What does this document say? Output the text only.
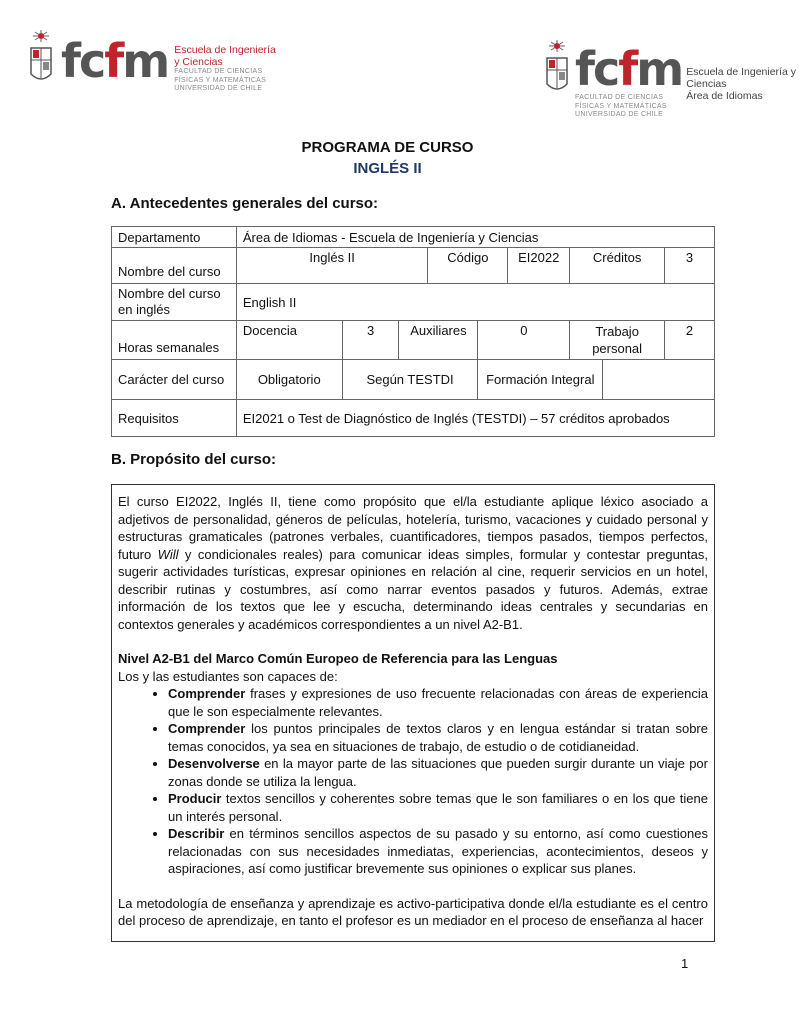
fcfm Escuela de Ingeniería
y Ciencias
FACULTAD DE CIENCIAS
FÍSICAS Y MATEMÁTICAS
UNIVERSIDAD DE CHILE	fcfm
FACULTAD DE CIENCIAS
FÍSICAS Y MATEMÁTICAS
UNIVERSIDAD DE CHILE
Escuela de Ingeniería y Ciencias
Área de Idiomas
PROGRAMA DE CURSO
INGLÉS II
A. Antecedentes generales del curso:
Departamento	Área de Idiomas - Escuela de Ingeniería y Ciencias								
Nombre del curso	Inglés II			Código		EI2022	Créditos		3
Nombre del curso en inglés	English II								
Horas semanales	Docencia	3	Auxiliares		0		Trabajo personal		2
Carácter del curso	Obligatorio	Según TESTDI			Formación Integral				
Requisitos	EI2021 o Test de Diagnóstico de Inglés (TESTDI) – 57 créditos aprobados								
B. Propósito del curso:

El curso EI2022, Inglés II, tiene como propósito que el/la estudiante aplique léxico asociado a adjetivos de personalidad, géneros de películas, hotelería, turismo, vacaciones y cuidado personal y estructuras gramaticales (patrones verbales, cuantificadores, tiempos pasados, tiempos perfectos, futuro Will y condicionales reales) para comunicar ideas simples, formular y contestar preguntas, sugerir actividades turísticas, expresar opiniones en relación al cine, requerir servicios en un hotel, describir rutinas y costumbres, así como narrar eventos pasados y futuros. Además, extrae información de los textos que lee y escucha, determinando ideas centrales y secundarias en contextos generales y académicos correspondientes a un nivel A2-B1.

Nivel A2-B1 del Marco Común Europeo de Referencia para las Lenguas
Los y las estudiantes son capaces de:
• Comprender frases y expresiones de uso frecuente relacionadas con áreas de experiencia que le son especialmente relevantes.
• Comprender los puntos principales de textos claros y en lengua estándar si tratan sobre temas conocidos, ya sea en situaciones de trabajo, de estudio o de cotidianeidad.
• Desenvolverse en la mayor parte de las situaciones que pueden surgir durante un viaje por zonas donde se utiliza la lengua.
• Producir textos sencillos y coherentes sobre temas que le son familiares o en los que tiene un interés personal.
• Describir en términos sencillos aspectos de su pasado y su entorno, así como cuestiones relacionadas con sus necesidades inmediatas, experiencias, acontecimientos, deseos y aspiraciones, así como justificar brevemente sus opiniones o explicar sus planes.

La metodología de enseñanza y aprendizaje es activo-participativa donde el/la estudiante es el centro del proceso de aprendizaje, en tanto el profesor es un mediador en el proceso de enseñanza al hacer

1
